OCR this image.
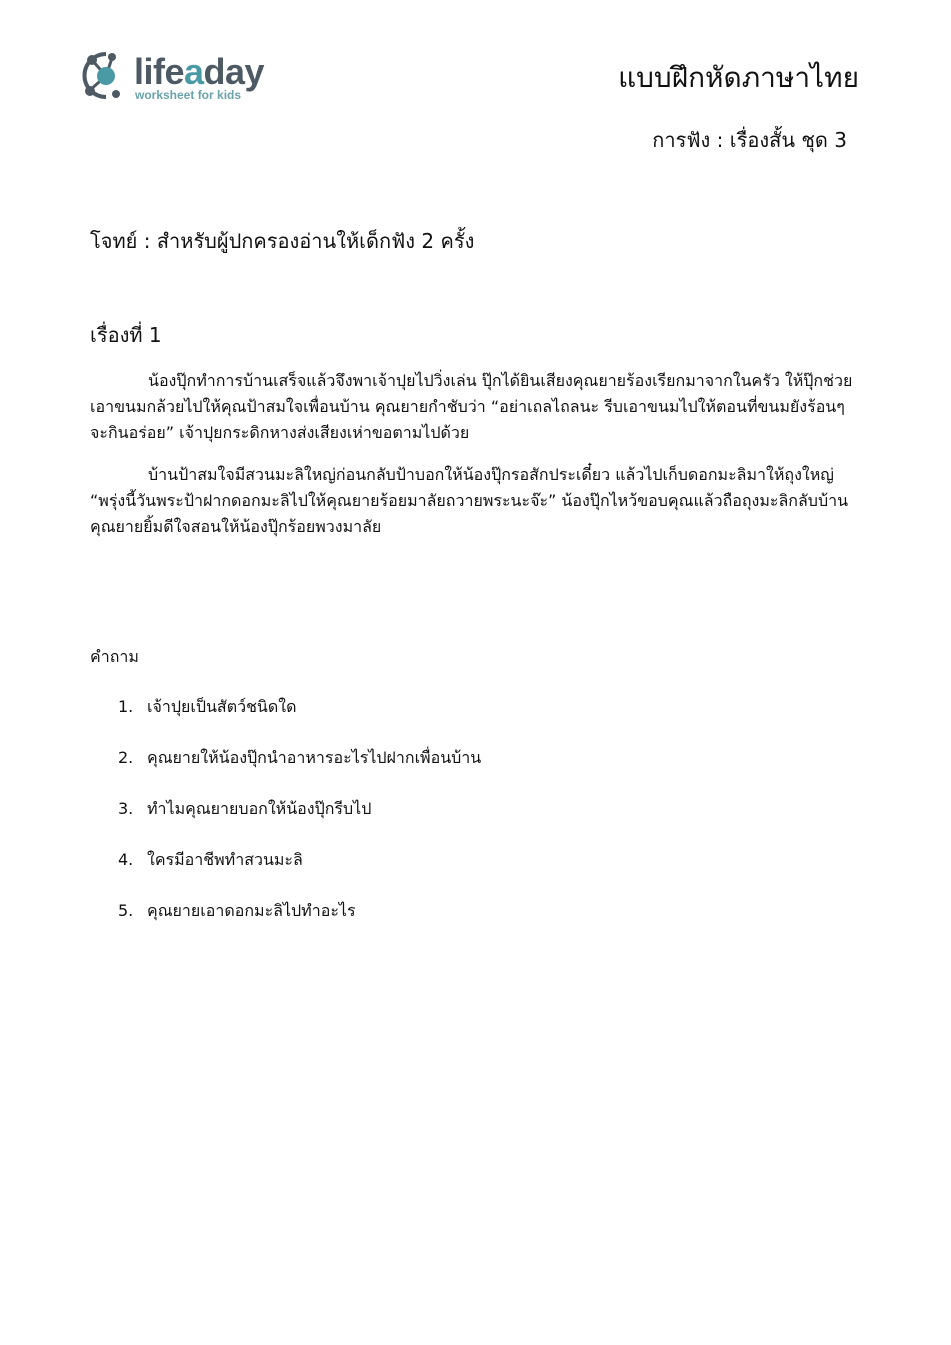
lifeaday
worksheet for kids
แบบฝึกหัดภาษาไทย
การฟัง : เรื่องสั้น ชุด 3
โจทย์ : สำหรับผู้ปกครองอ่านให้เด็กฟัง 2 ครั้ง
เรื่องที่ 1

น้องปุ๊กทำการบ้านเสร็จแล้วจึงพาเจ้าปุยไปวิ่งเล่น ปุ๊กได้ยินเสียงคุณยายร้องเรียกมาจากในครัว ให้ปุ๊กช่วยเอาขนมกล้วยไปให้คุณป้าสมใจเพื่อนบ้าน คุณยายกำชับว่า “อย่าเถลไถลนะ รีบเอาขนมไปให้ตอนที่ขนมยังร้อนๆจะกินอร่อย” เจ้าปุยกระดิกหางส่งเสียงเห่าขอตามไปด้วย

บ้านป้าสมใจมีสวนมะลิใหญ่ก่อนกลับป้าบอกให้น้องปุ๊กรอสักประเดี๋ยว แล้วไปเก็บดอกมะลิมาให้ถุงใหญ่ “พรุ่งนี้วันพระป้าฝากดอกมะลิไปให้คุณยายร้อยมาลัยถวายพระนะจ๊ะ” น้องปุ๊กไหว้ขอบคุณแล้วถือถุงมะลิกลับบ้าน คุณยายยิ้มดีใจสอนให้น้องปุ๊กร้อยพวงมาลัย

คำถาม
1. เจ้าปุยเป็นสัตว์ชนิดใด
2. คุณยายให้น้องปุ๊กนำอาหารอะไรไปฝากเพื่อนบ้าน
3. ทำไมคุณยายบอกให้น้องปุ๊กรีบไป
4. ใครมีอาชีพทำสวนมะลิ
5. คุณยายเอาดอกมะลิไปทำอะไร
